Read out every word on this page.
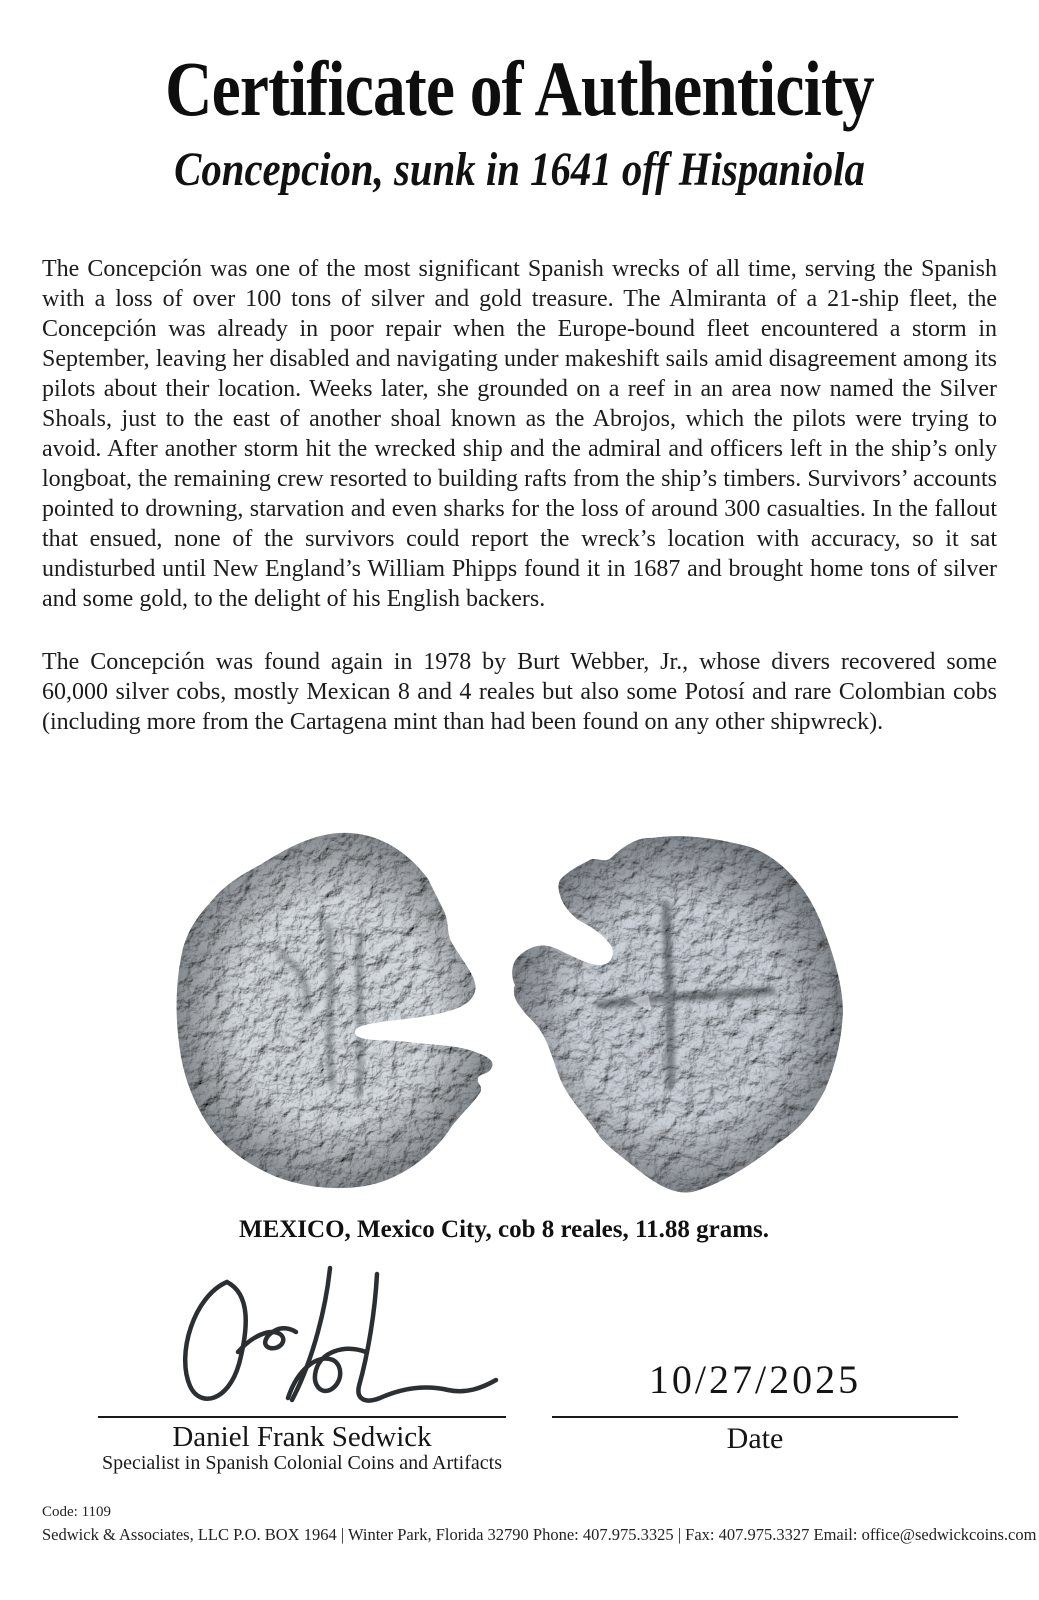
Certificate of Authenticity
Concepcion, sunk in 1641 off Hispaniola

The Concepción was one of the most significant Spanish wrecks of all time, serving the Spanish with a loss of over 100 tons of silver and gold treasure. The Almiranta of a 21-ship fleet, the Concepción was already in poor repair when the Europe-bound fleet encountered a storm in September, leaving her disabled and navigating under makeshift sails amid disagreement among its pilots about their location. Weeks later, she grounded on a reef in an area now named the Silver Shoals, just to the east of another shoal known as the Abrojos, which the pilots were trying to avoid. After another storm hit the wrecked ship and the admiral and officers left in the ship’s only longboat, the remaining crew resorted to building rafts from the ship’s timbers. Survivors’ accounts pointed to drowning, starvation and even sharks for the loss of around 300 casualties. In the fallout that ensued, none of the survivors could report the wreck’s location with accuracy, so it sat undisturbed until New England’s William Phipps found it in 1687 and brought home tons of silver and some gold, to the delight of his English backers.

The Concepción was found again in 1978 by Burt Webber, Jr., whose divers recovered some 60,000 silver cobs, mostly Mexican 8 and 4 reales but also some Potosí and rare Colombian cobs (including more from the Cartagena mint than had been found on any other shipwreck).

MEXICO, Mexico City, cob 8 reales, 11.88 grams.
Daniel Frank Sedwick
Specialist in Spanish Colonial Coins and Artifacts
10/27/2025
Date
Code: 1109
Sedwick & Associates, LLC P.O. BOX 1964 | Winter Park, Florida 32790 Phone: 407.975.3325 | Fax: 407.975.3327 Email: office@sedwickcoins.com
